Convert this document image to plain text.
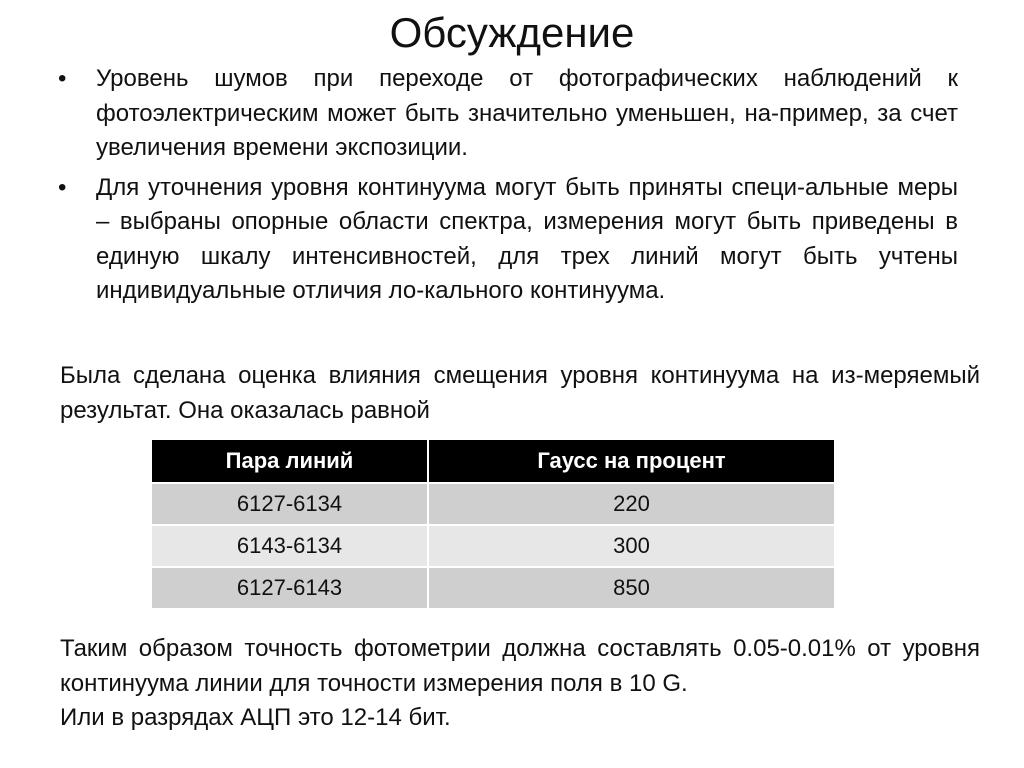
Обсуждение
•	Уровень шумов при переходе от фотографических наблюдений к фотоэлектрическим может быть значительно уменьшен, на-пример, за счет увеличения времени экспозиции.
•	Для уточнения уровня континуума могут быть приняты специ-альные меры – выбраны опорные области спектра, измерения могут быть приведены в единую шкалу интенсивностей, для трех линий могут быть учтены индивидуальные отличия ло-кального континуума.

Была сделана оценка влияния смещения уровня континуума на из-меряемый результат. Она оказалась равной

Пара линий	Гаусс на процент
6127-6134	220
6143-6134	300
6127-6143	850

Таким образом точность фотометрии должна составлять 0.05-0.01% от уровня континуума линии для точности измерения поля в 10 G.

Или в разрядах АЦП это 12-14 бит.
